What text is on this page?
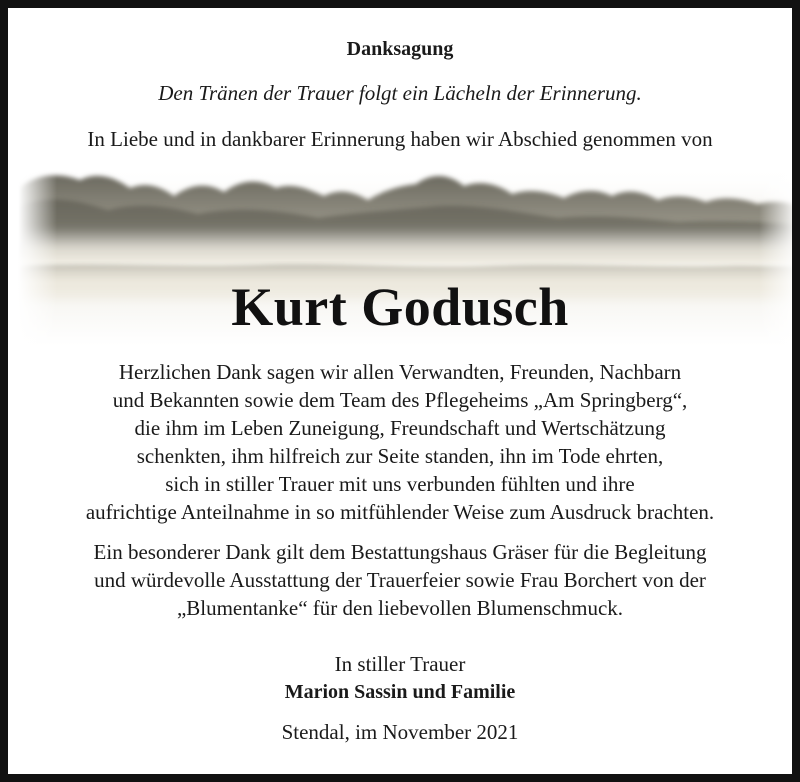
Danksagung
Den Tränen der Trauer folgt ein Lächeln der Erinnerung.
In Liebe und in dankbarer Erinnerung haben wir Abschied genommen von
Kurt Godusch
Herzlichen Dank sagen wir allen Verwandten, Freunden, Nachbarn
und Bekannten sowie dem Team des Pflegeheims „Am Springberg“,
die ihm im Leben Zuneigung, Freundschaft und Wertschätzung
schenkten, ihm hilfreich zur Seite standen, ihn im Tode ehrten,
sich in stiller Trauer mit uns verbunden fühlten und ihre
aufrichtige Anteilnahme in so mitfühlender Weise zum Ausdruck brachten.
Ein besonderer Dank gilt dem Bestattungshaus Gräser für die Begleitung
und würdevolle Ausstattung der Trauerfeier sowie Frau Borchert von der
„Blumentanke“ für den liebevollen Blumenschmuck.
In stiller Trauer
Marion Sassin und Familie
Stendal, im November 2021
